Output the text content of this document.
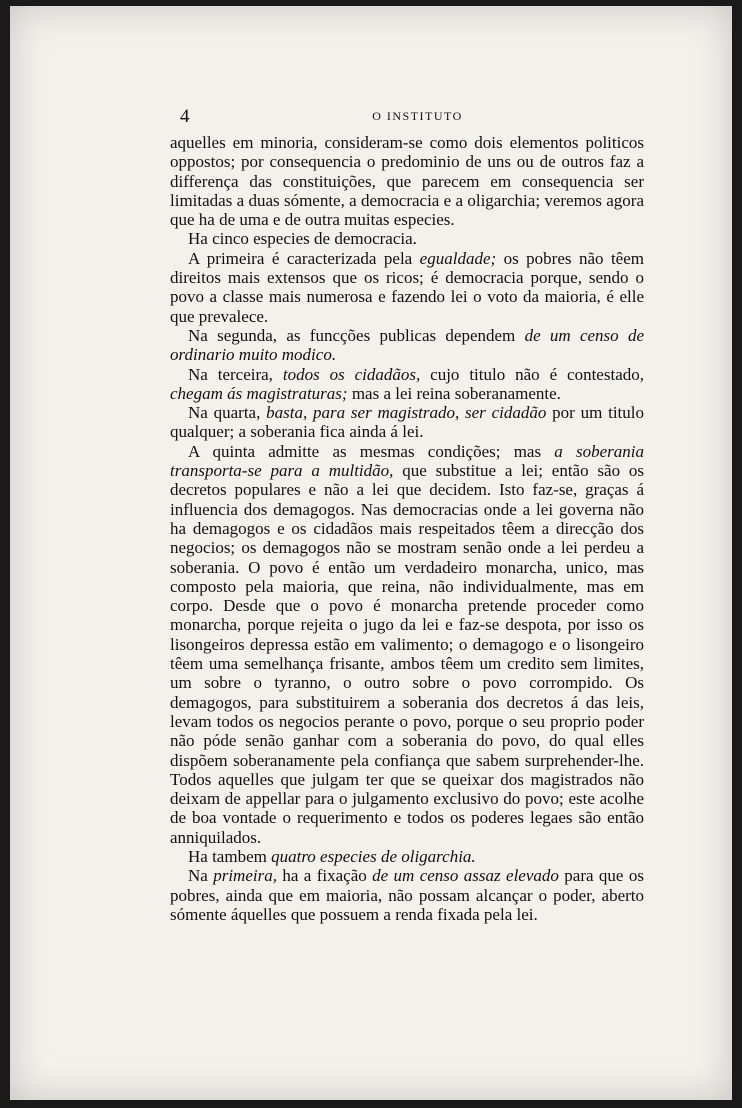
4	O INSTITUTO

aquelles em minoria, consideram-se como dois elementos politicos oppostos; por consequencia o predominio de uns ou de outros faz a differença das constituições, que parecem em consequencia ser limitadas a duas sómente, a democracia e a oligarchia; veremos agora que ha de uma e de outra muitas especies.

Ha cinco especies de democracia.

A primeira é caracterizada pela egualdade; os pobres não têem direitos mais extensos que os ricos; é democracia porque, sendo o povo a classe mais numerosa e fazendo lei o voto da maioria, é elle que prevalece.

Na segunda, as funcções publicas dependem de um censo de ordinario muito modico.

Na terceira, todos os cidadãos, cujo titulo não é contestado, chegam ás magistraturas; mas a lei reina soberanamente.

Na quarta, basta, para ser magistrado, ser cidadão por um titulo qualquer; a soberania fica ainda á lei.

A quinta admitte as mesmas condições; mas a soberania transporta-se para a multidão, que substitue a lei; então são os decretos populares e não a lei que decidem. Isto faz-se, graças á influencia dos demagogos. Nas democracias onde a lei governa não ha demagogos e os cidadãos mais respeitados têem a direcção dos negocios; os demagogos não se mostram senão onde a lei perdeu a soberania. O povo é então um verdadeiro monarcha, unico, mas composto pela maioria, que reina, não individualmente, mas em corpo. Desde que o povo é monarcha pretende proceder como monarcha, porque rejeita o jugo da lei e faz-se despota, por isso os lisongeiros depressa estão em valimento; o demagogo e o lisongeiro têem uma semelhança frisante, ambos têem um credito sem limites, um sobre o tyranno, o outro sobre o povo corrompido. Os demagogos, para substituirem a soberania dos decretos á das leis, levam todos os negocios perante o povo, porque o seu proprio poder não póde senão ganhar com a soberania do povo, do qual elles dispõem soberanamente pela confiança que sabem surprehender-lhe. Todos aquelles que julgam ter que se queixar dos magistrados não deixam de appellar para o julgamento exclusivo do povo; este acolhe de boa vontade o requerimento e todos os poderes legaes são então anniquilados.

Ha tambem quatro especies de oligarchia.

Na primeira, ha a fixação de um censo assaz elevado para que os pobres, ainda que em maioria, não possam alcançar o poder, aberto sómente áquelles que possuem a renda fixada pela lei.
